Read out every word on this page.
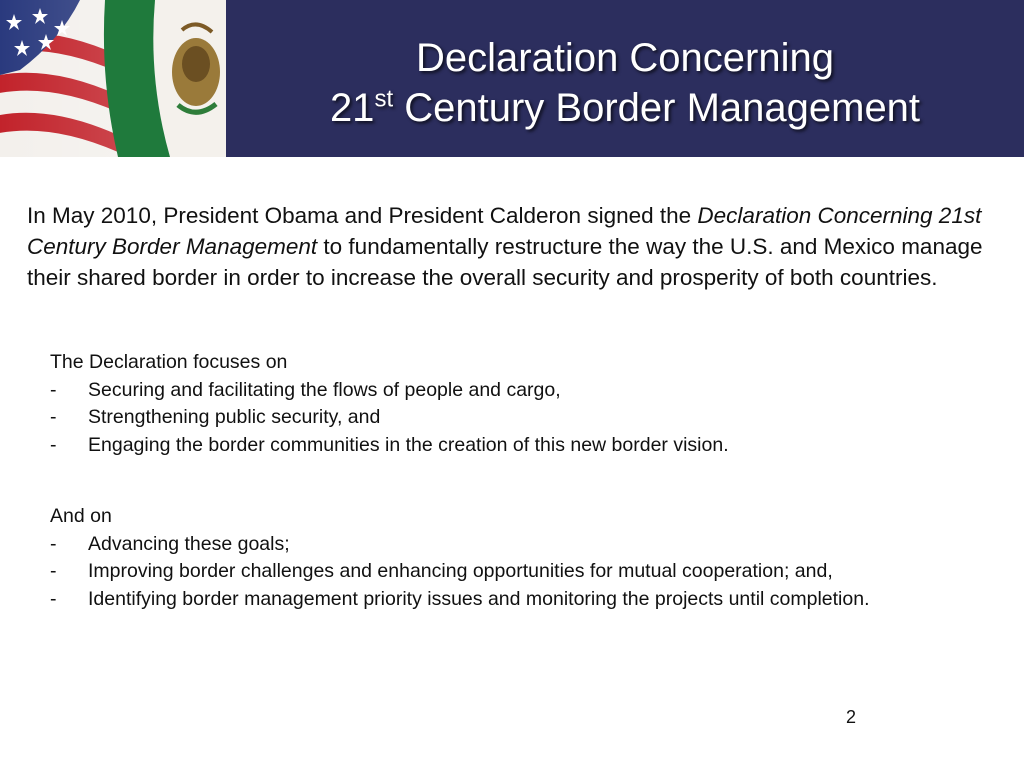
Declaration Concerning
21st Century Border Management

In May 2010, President Obama and President Calderon signed the Declaration Concerning 21st Century Border Management to fundamentally restructure the way the U.S. and Mexico manage their shared border in order to increase the overall security and prosperity of both countries.

The Declaration focuses on

- Securing and facilitating the flows of people and cargo,
- Strengthening public security, and
- Engaging the border communities in the creation of this new border vision.

And on

- Advancing these goals;
- Improving border challenges and enhancing opportunities for mutual cooperation; and,
- Identifying border management priority issues and monitoring the projects until completion.
2
